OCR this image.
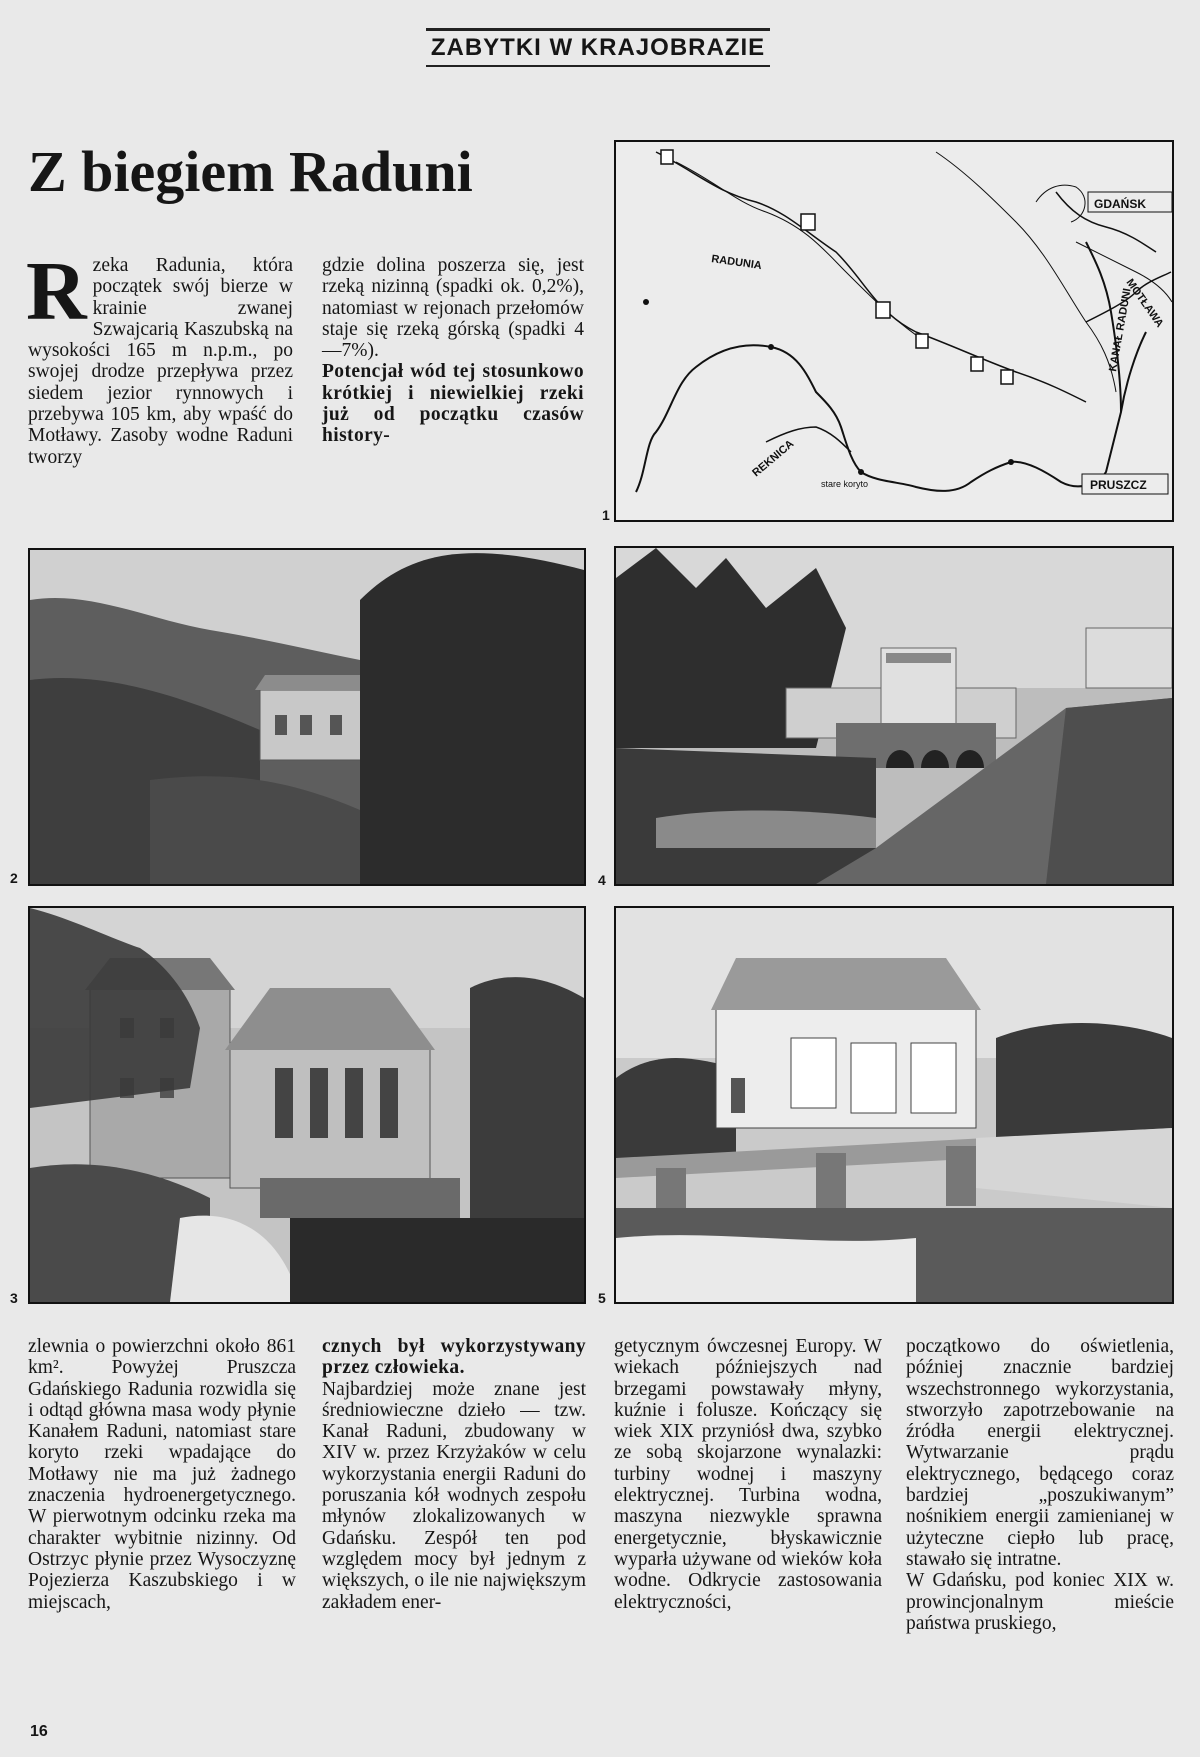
ZABYTKI W KRAJOBRAZIE
Z biegiem Raduni
Rzeka Radunia, która początek swój bierze w krainie zwanej Szwajcarią Kaszubską na wysokości 165 m n.p.m., po swojej drodze przepływa przez siedem jezior rynnowych i przebywa 105 km, aby wpaść do Motławy. Zasoby wodne Raduni tworzy

gdzie dolina poszerza się, jest rzeką nizinną (spadki ok. 0,2%), natomiast w rejonach przełomów staje się rzeką górską (spadki 4—7%).

Potencjał wód tej stosunkowo krótkiej i niewielkiej rzeki już od początku czasów history-

GDAŃSK
RADUNIA
KANAŁ RADUNI
MOTŁAWA
PRUSZCZ
REKNICA
stare koryto
1
2	4
3	5

zlewnia o powierzchni około 861 km². Powyżej Pruszcza Gdańskiego Radunia rozwidla się i odtąd główna masa wody płynie Kanałem Raduni, natomiast stare koryto rzeki wpadające do Motławy nie ma już żadnego znaczenia hydroenergetycznego. W pierwotnym odcinku rzeka ma charakter wybitnie nizinny. Od Ostrzyc płynie przez Wysoczyznę Pojezierza Kaszubskiego i w miejscach,

cznych był wykorzystywany przez człowieka.

Najbardziej może znane jest średniowieczne dzieło — tzw. Kanał Raduni, zbudowany w XIV w. przez Krzyżaków w celu wykorzystania energii Raduni do poruszania kół wodnych zespołu młynów zlokalizowanych w Gdańsku. Zespół ten pod względem mocy był jednym z większych, o ile nie największym zakładem ener-

getycznym ówczesnej Europy. W wiekach późniejszych nad brzegami powstawały młyny, kuźnie i folusze. Kończący się wiek XIX przyniósł dwa, szybko ze sobą skojarzone wynalazki: turbiny wodnej i maszyny elektrycznej. Turbina wodna, maszyna niezwykle sprawna energetycznie, błyskawicznie wyparła używane od wieków koła wodne. Odkrycie zastosowania elektryczności,

początkowo do oświetlenia, później znacznie bardziej wszechstronnego wykorzystania, stworzyło zapotrzebowanie na źródła energii elektrycznej. Wytwarzanie prądu elektrycznego, będącego coraz bardziej „poszukiwanym” nośnikiem energii zamienianej w użyteczne ciepło lub pracę, stawało się intratne.

W Gdańsku, pod koniec XIX w. prowincjonalnym mieście państwa pruskiego,

16
